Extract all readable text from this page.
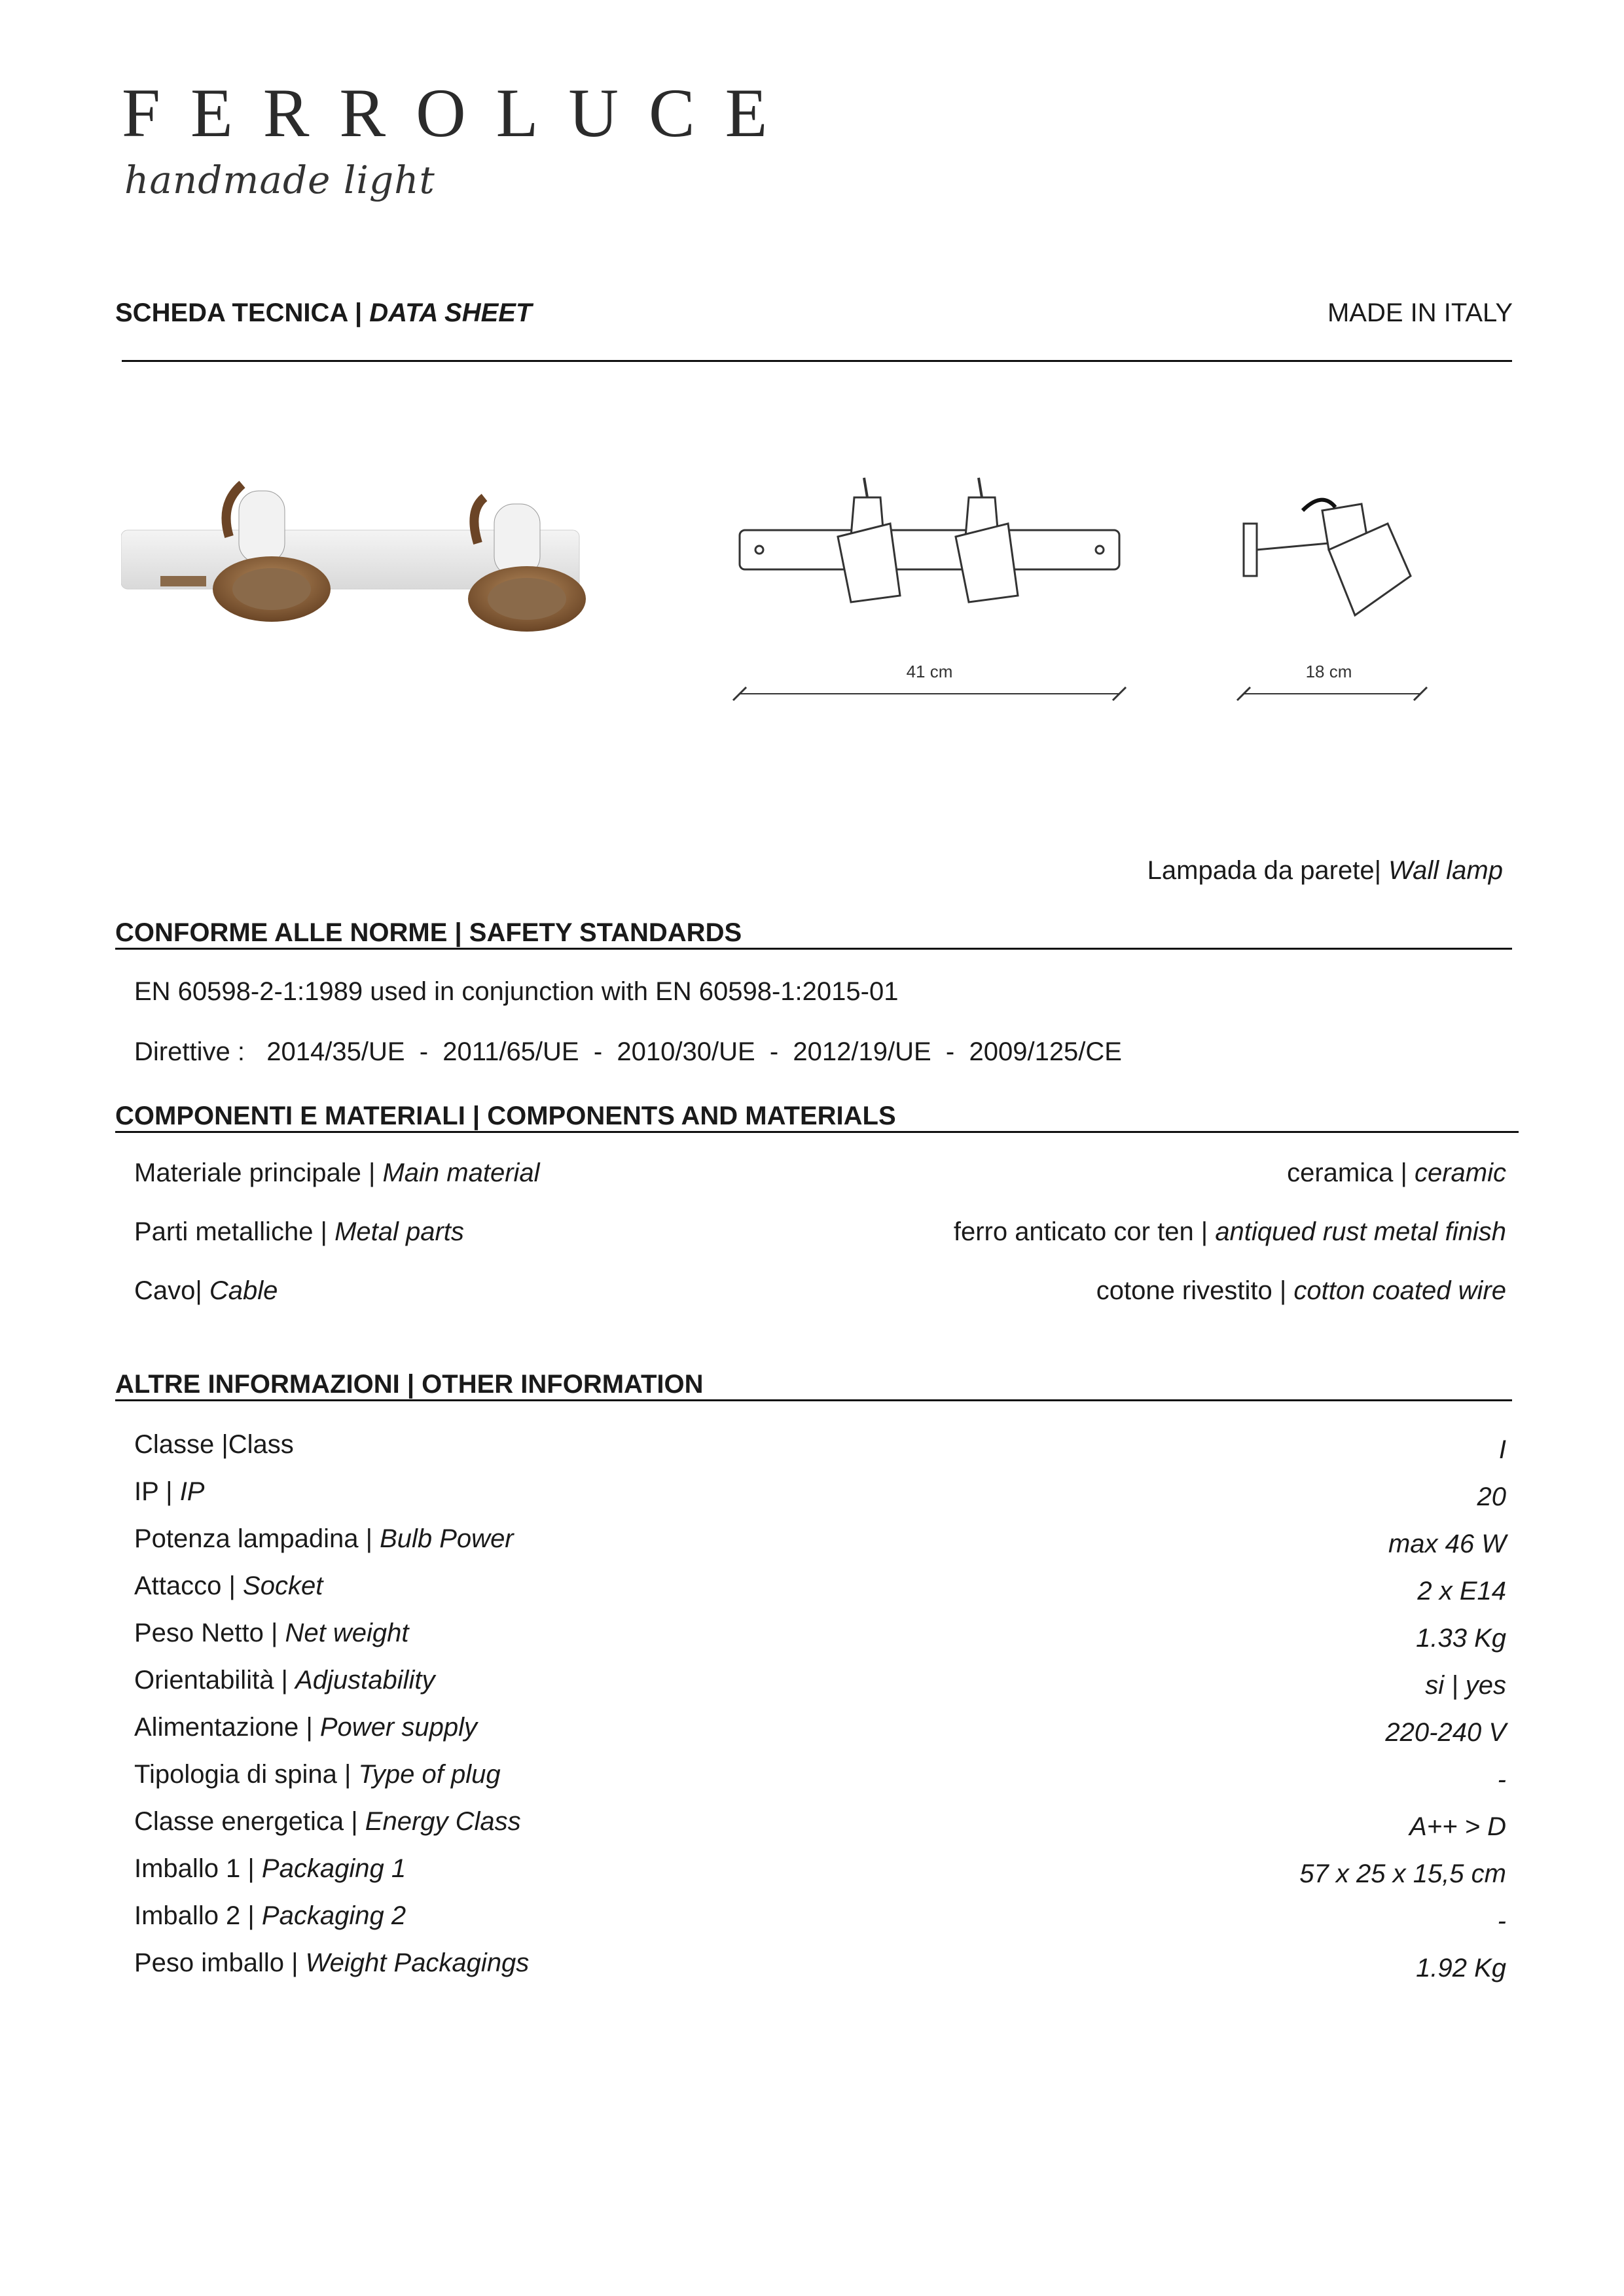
FERROLUCE
handmade light
SCHEDA TECNICA | DATA SHEET	MADE IN ITALY
41 cm	18 cm
Lampada da parete| Wall lamp
CONFORME ALLE NORME | SAFETY STANDARDS
EN 60598-2-1:1989 used in conjunction with EN 60598-1:2015-01
Direttive :   2014/35/UE  -  2011/65/UE  -  2010/30/UE  -  2012/19/UE  -  2009/125/CE
COMPONENTI E MATERIALI | COMPONENTS AND MATERIALS
Materiale principale | Main material	ceramica | ceramic
Parti metalliche | Metal parts	ferro anticato cor ten | antiqued rust metal finish
Cavo| Cable	cotone rivestito | cotton coated wire
ALTRE INFORMAZIONI | OTHER INFORMATION
Classe |Class	I
IP | IP	20
Potenza lampadina | Bulb Power	max 46 W
Attacco | Socket	2 x E14
Peso Netto | Net weight	1.33 Kg
Orientabilità | Adjustability	si | yes
Alimentazione | Power supply	220-240 V
Tipologia di spina | Type of plug	-
Classe energetica | Energy Class	A++ > D
Imballo 1 | Packaging 1	57 x 25 x 15,5 cm
Imballo 2 | Packaging 2	-
Peso imballo | Weight Packagings	1.92 Kg
